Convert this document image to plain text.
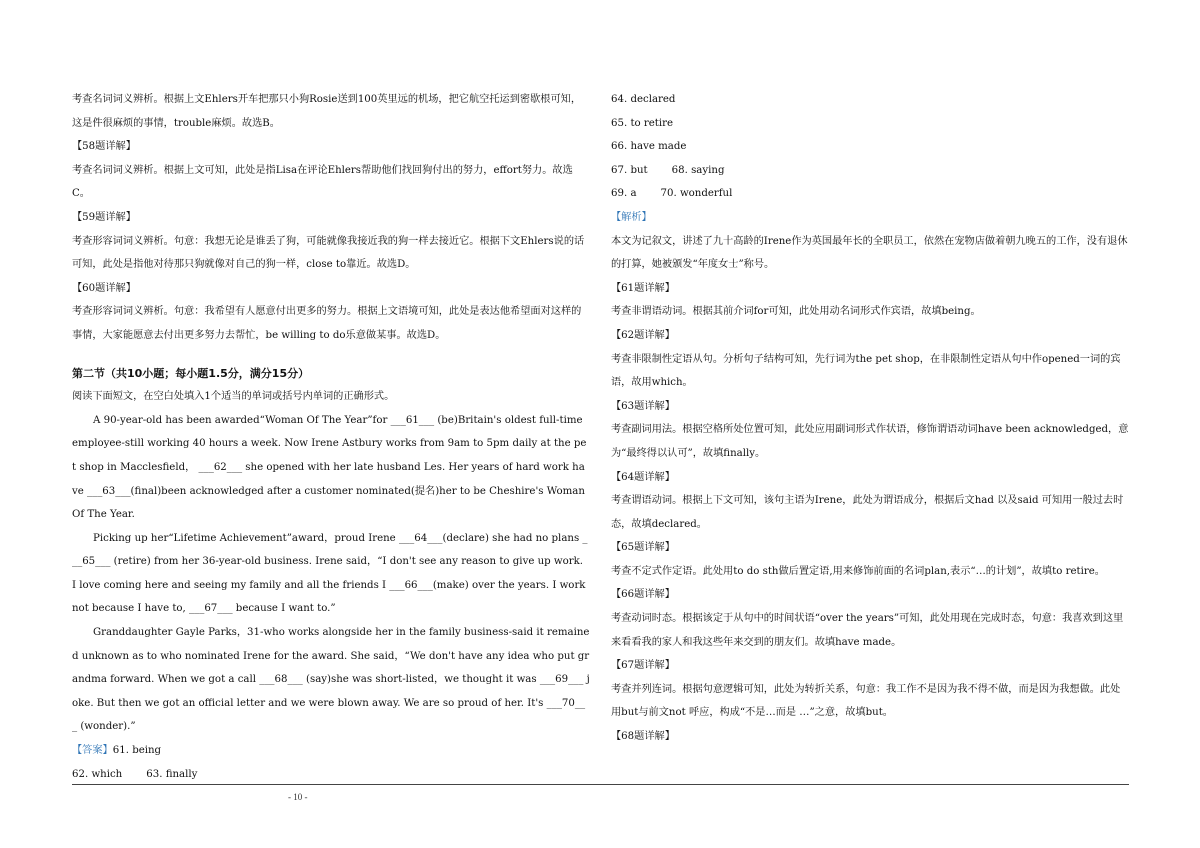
考查名词词义辨析。根据上文Ehlers开车把那只小狗Rosie送到100英里远的机场，把它航空托运到密歇根可知，这是件很麻烦的事情，trouble麻烦。故选B。

【58题详解】

考查名词词义辨析。根据上文可知，此处是指Lisa在评论Ehlers帮助他们找回狗付出的努力，effort努力。故选C。

【59题详解】

考查形容词词义辨析。句意：我想无论是谁丢了狗，可能就像我接近我的狗一样去接近它。根据下文Ehlers说的话可知，此处是指他对待那只狗就像对自己的狗一样，close to靠近。故选D。

【60题详解】

考查形容词词义辨析。句意：我希望有人愿意付出更多的努力。根据上文语境可知，此处是表达他希望面对这样的事情，大家能愿意去付出更多努力去帮忙，be willing to do乐意做某事。故选D。

第二节（共10小题；每小题1.5分，满分15分）

阅读下面短文，在空白处填入1个适当的单词或括号内单词的正确形式。

A 90-year-old has been awarded“Woman Of The Year”for ___61___ (be)Britain's oldest full-time employee-still working 40 hours a week. Now Irene Astbury works from 9am to 5pm daily at the pet shop in Macclesfield， ___62___ she opened with her late husband Les. Her years of hard work have ___63___(final)been acknowledged after a customer nominated(提名)her to be Cheshire's Woman Of The Year.

Picking up her“Lifetime Achievement”award，proud Irene ___64___(declare) she had no plans ___65___ (retire) from her 36-year-old business. Irene said，“I don't see any reason to give up work. I love coming here and seeing my family and all the friends I ___66___(make) over the years. I work not because I have to, ___67___ because I want to.”

Granddaughter Gayle Parks，31-who works alongside her in the family business-said it remained unknown as to who nominated Irene for the award. She said，“We don't have any idea who put grandma forward. When we got a call ___68___ (say)she was short-listed，we thought it was ___69___ joke. But then we got an official letter and we were blown away. We are so proud of her. It's ___70___ (wonder).”

【答案】61. being

62. which 63. finally

64. declared

65. to retire

66. have made

67. but 68. saying

69. a 70. wonderful

【解析】

本文为记叙文，讲述了九十高龄的Irene作为英国最年长的全职员工，依然在宠物店做着朝九晚五的工作，没有退休的打算，她被颁发“年度女士”称号。

【61题详解】

考查非谓语动词。根据其前介词for可知，此处用动名词形式作宾语，故填being。

【62题详解】

考查非限制性定语从句。分析句子结构可知，先行词为the pet shop，在非限制性定语从句中作opened一词的宾语，故用which。

【63题详解】

考查副词用法。根据空格所处位置可知，此处应用副词形式作状语，修饰谓语动词have been acknowledged，意为“最终得以认可”，故填finally。

【64题详解】

考查谓语动词。根据上下文可知，该句主语为Irene，此处为谓语成分，根据后文had 以及said 可知用一般过去时态，故填declared。

【65题详解】

考查不定式作定语。此处用to do sth做后置定语,用来修饰前面的名词plan,表示“…的计划”，故填to retire。

【66题详解】

考查动词时态。根据该定于从句中的时间状语“over the years”可知，此处用现在完成时态，句意：我喜欢到这里来看看我的家人和我这些年来交到的朋友们。故填have made。

【67题详解】

考查并列连词。根据句意逻辑可知，此处为转折关系，句意：我工作不是因为我不得不做，而是因为我想做。此处用but与前文not 呼应，构成“不是…而是 …”之意，故填but。

【68题详解】

- 10 -
